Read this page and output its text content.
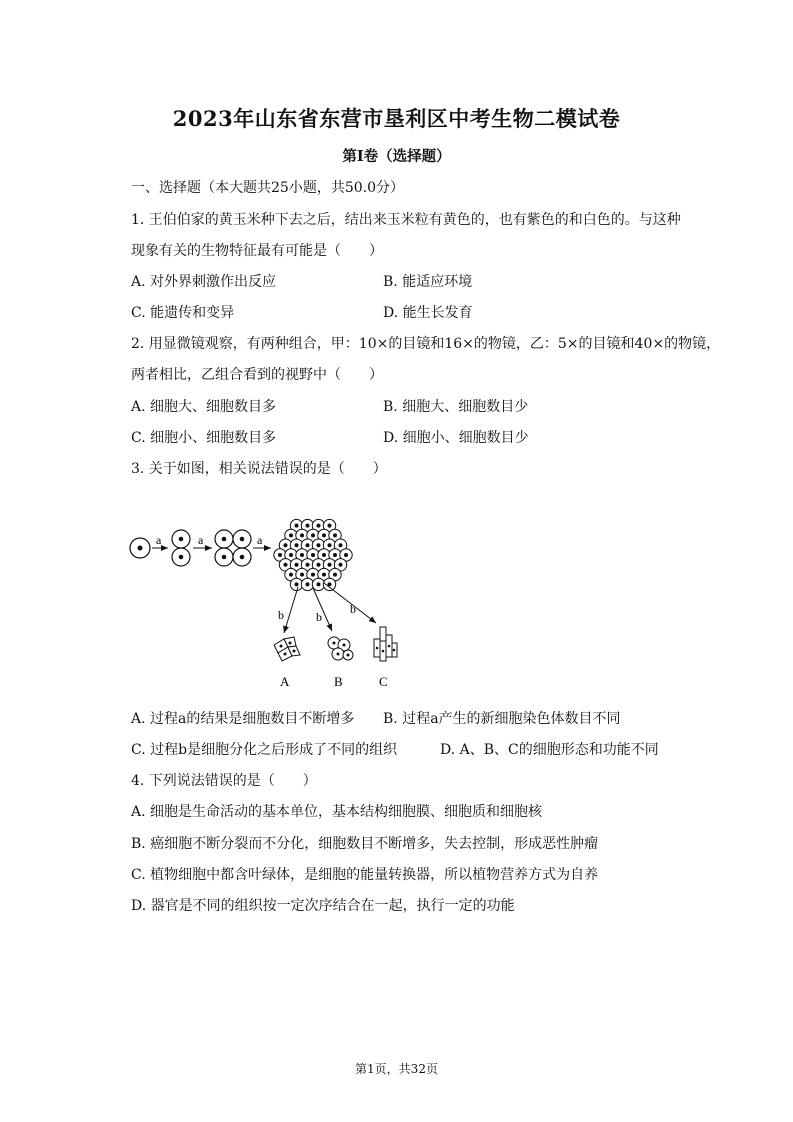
2023年山东省东营市垦利区中考生物二模试卷
第I卷（选择题）
一、选择题（本大题共25小题，共50.0分）
1. 王伯伯家的黄玉米种下去之后，结出来玉米粒有黄色的，也有紫色的和白色的。与这种
现象有关的生物特征最有可能是（　　）
A. 对外界刺激作出反应	B. 能适应环境
C. 能遗传和变异	D. 能生长发育
2. 用显微镜观察，有两种组合，甲：10×的目镜和16×的物镜，乙：5×的目镜和40×的物镜，
两者相比，乙组合看到的视野中（　　）
A. 细胞大、细胞数目多	B. 细胞大、细胞数目少
C. 细胞小、细胞数目多	D. 细胞小、细胞数目少
3. 关于如图，相关说法错误的是（　　）
a	a	a
b	b
b
A	B	C
A. 过程a的结果是细胞数目不断增多 B. 过程a产生的新细胞染色体数目不同
C. 过程b是细胞分化之后形成了不同的组织	D. A、B、C的细胞形态和功能不同
4. 下列说法错误的是（　　）
A. 细胞是生命活动的基本单位，基本结构细胞膜、细胞质和细胞核
B. 癌细胞不断分裂而不分化，细胞数目不断增多，失去控制，形成恶性肿瘤
C. 植物细胞中都含叶绿体，是细胞的能量转换器，所以植物营养方式为自养
D. 器官是不同的组织按一定次序结合在一起，执行一定的功能
第1页，共32页
